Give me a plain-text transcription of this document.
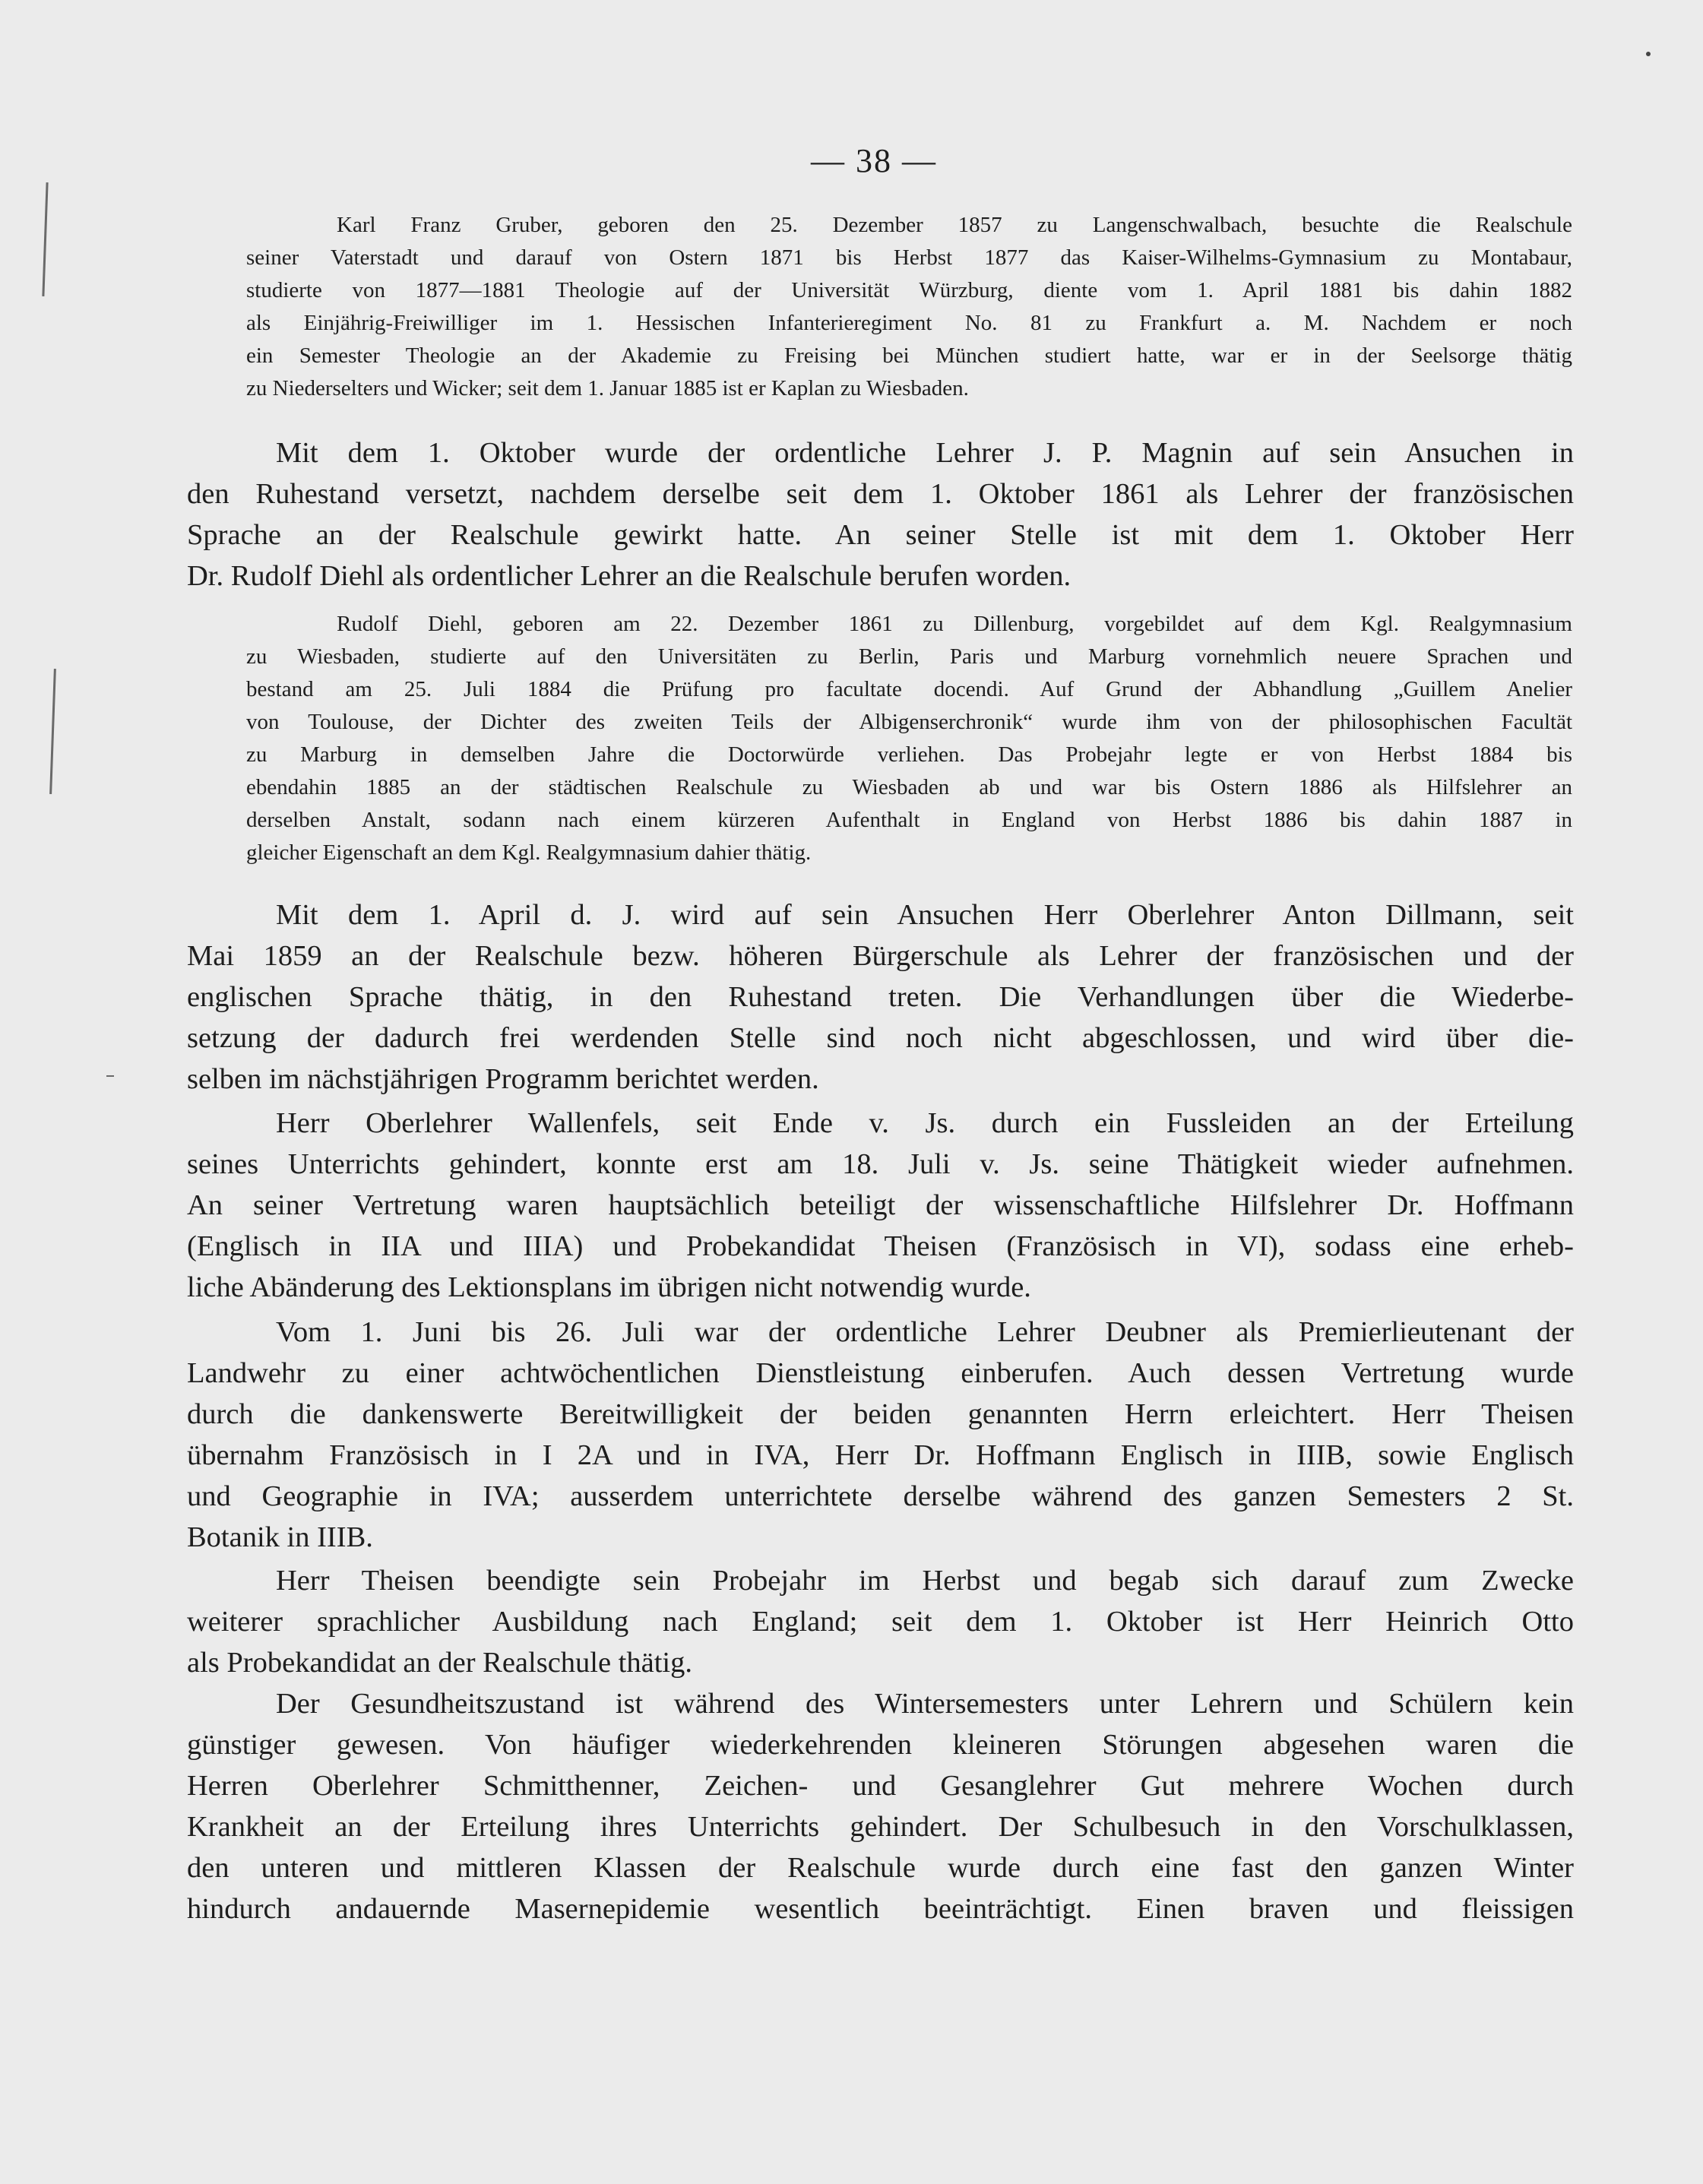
— 38 —
Karl Franz Gruber, geboren den 25. Dezember 1857 zu Langenschwalbach, besuchte die Realschule
seiner Vaterstadt und darauf von Ostern 1871 bis Herbst 1877 das Kaiser-Wilhelms-Gymnasium zu Montabaur,
studierte von 1877—1881 Theologie auf der Universität Würzburg, diente vom 1. April 1881 bis dahin 1882
als Einjährig-Freiwilliger im 1. Hessischen Infanterieregiment No. 81 zu Frankfurt a. M. Nachdem er noch
ein Semester Theologie an der Akademie zu Freising bei München studiert hatte, war er in der Seelsorge thätig
zu Niederselters und Wicker; seit dem 1. Januar 1885 ist er Kaplan zu Wiesbaden.
Mit dem 1. Oktober wurde der ordentliche Lehrer J. P. Magnin auf sein Ansuchen in
den Ruhestand versetzt, nachdem derselbe seit dem 1. Oktober 1861 als Lehrer der französischen
Sprache an der Realschule gewirkt hatte. An seiner Stelle ist mit dem 1. Oktober Herr
Dr. Rudolf Diehl als ordentlicher Lehrer an die Realschule berufen worden.
Rudolf Diehl, geboren am 22. Dezember 1861 zu Dillenburg, vorgebildet auf dem Kgl. Realgymnasium
zu Wiesbaden, studierte auf den Universitäten zu Berlin, Paris und Marburg vornehmlich neuere Sprachen und
bestand am 25. Juli 1884 die Prüfung pro facultate docendi. Auf Grund der Abhandlung „Guillem Anelier
von Toulouse, der Dichter des zweiten Teils der Albigenserchronik“ wurde ihm von der philosophischen Facultät
zu Marburg in demselben Jahre die Doctorwürde verliehen. Das Probejahr legte er von Herbst 1884 bis
ebendahin 1885 an der städtischen Realschule zu Wiesbaden ab und war bis Ostern 1886 als Hilfslehrer an
derselben Anstalt, sodann nach einem kürzeren Aufenthalt in England von Herbst 1886 bis dahin 1887 in
gleicher Eigenschaft an dem Kgl. Realgymnasium dahier thätig.
Mit dem 1. April d. J. wird auf sein Ansuchen Herr Oberlehrer Anton Dillmann, seit
Mai 1859 an der Realschule bezw. höheren Bürgerschule als Lehrer der französischen und der
englischen Sprache thätig, in den Ruhestand treten. Die Verhandlungen über die Wiederbe-
setzung der dadurch frei werdenden Stelle sind noch nicht abgeschlossen, und wird über die-
selben im nächstjährigen Programm berichtet werden.
Herr Oberlehrer Wallenfels, seit Ende v. Js. durch ein Fussleiden an der Erteilung
seines Unterrichts gehindert, konnte erst am 18. Juli v. Js. seine Thätigkeit wieder aufnehmen.
An seiner Vertretung waren hauptsächlich beteiligt der wissenschaftliche Hilfslehrer Dr. Hoffmann
(Englisch in IIA und IIIA) und Probekandidat Theisen (Französisch in VI), sodass eine erheb-
liche Abänderung des Lektionsplans im übrigen nicht notwendig wurde.
Vom 1. Juni bis 26. Juli war der ordentliche Lehrer Deubner als Premierlieutenant der
Landwehr zu einer achtwöchentlichen Dienstleistung einberufen. Auch dessen Vertretung wurde
durch die dankenswerte Bereitwilligkeit der beiden genannten Herrn erleichtert. Herr Theisen
übernahm Französisch in I 2A und in IVA, Herr Dr. Hoffmann Englisch in IIIB, sowie Englisch
und Geographie in IVA; ausserdem unterrichtete derselbe während des ganzen Semesters 2 St.
Botanik in IIIB.
Herr Theisen beendigte sein Probejahr im Herbst und begab sich darauf zum Zwecke
weiterer sprachlicher Ausbildung nach England; seit dem 1. Oktober ist Herr Heinrich Otto
als Probekandidat an der Realschule thätig.
Der Gesundheitszustand ist während des Wintersemesters unter Lehrern und Schülern kein
günstiger gewesen. Von häufiger wiederkehrenden kleineren Störungen abgesehen waren die
Herren Oberlehrer Schmitthenner, Zeichen- und Gesanglehrer Gut mehrere Wochen durch
Krankheit an der Erteilung ihres Unterrichts gehindert. Der Schulbesuch in den Vorschulklassen,
den unteren und mittleren Klassen der Realschule wurde durch eine fast den ganzen Winter
hindurch andauernde Masernepidemie wesentlich beeinträchtigt. Einen braven und fleissigen
